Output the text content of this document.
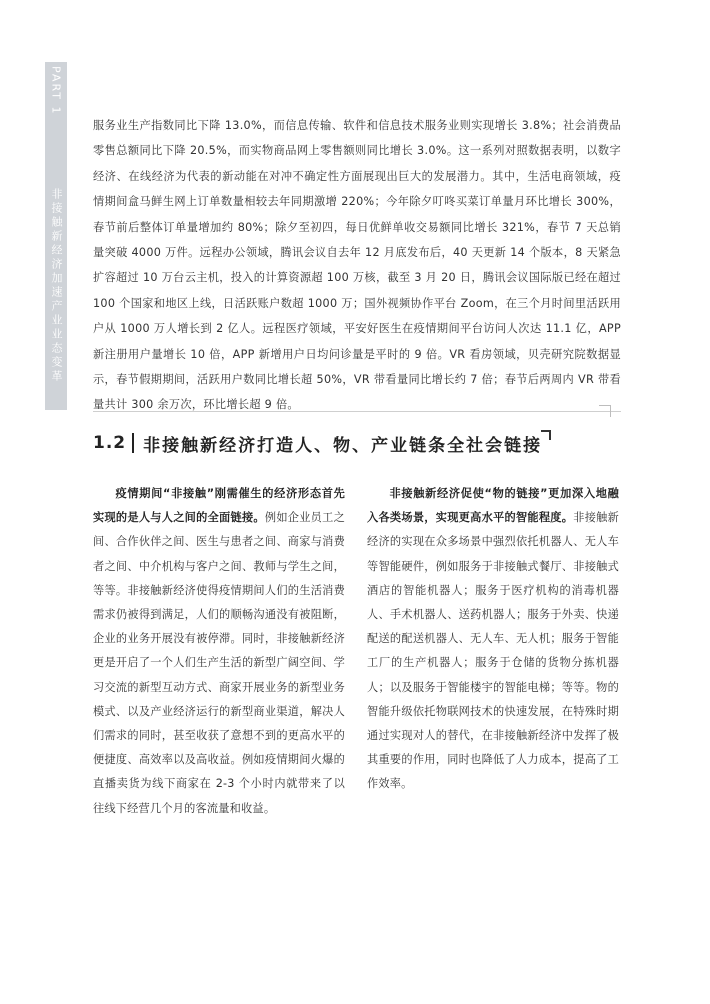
PART 1
非接触新经济加速产业业态变革

服务业生产指数同比下降 13.0%，而信息传输、软件和信息技术服务业则实现增长 3.8%；社会消费品零售总额同比下降 20.5%，而实物商品网上零售额则同比增长 3.0%。这一系列对照数据表明，以数字经济、在线经济为代表的新动能在对冲不确定性方面展现出巨大的发展潜力。其中，生活电商领域，疫情期间盒马鲜生网上订单数量相较去年同期激增 220%；今年除夕叮咚买菜订单量月环比增长 300%，春节前后整体订单量增加约 80%；除夕至初四，每日优鲜单收交易额同比增长 321%，春节 7 天总销量突破 4000 万件。远程办公领域，腾讯会议自去年 12 月底发布后，40 天更新 14 个版本，8 天紧急扩容超过 10 万台云主机，投入的计算资源超 100 万核，截至 3 月 20 日，腾讯会议国际版已经在超过 100 个国家和地区上线，日活跃账户数超 1000 万；国外视频协作平台 Zoom，在三个月时间里活跃用户从 1000 万人增长到 2 亿人。远程医疗领域，平安好医生在疫情期间平台访问人次达 11.1 亿，APP 新注册用户量增长 10 倍，APP 新增用户日均问诊量是平时的 9 倍。VR 看房领域，贝壳研究院数据显示，春节假期期间，活跃用户数同比增长超 50%，VR 带看量同比增长约 7 倍；春节后两周内 VR 带看量共计 300 余万次，环比增长超 9 倍。

1.2 非接触新经济打造人、物、产业链条全社会链接
疫情期间“非接触”刚需催生的经济形态首先实现的是人与人之间的全面链接。例如企业员工之间、合作伙伴之间、医生与患者之间、商家与消费者之间、中介机构与客户之间、教师与学生之间，等等。非接触新经济使得疫情期间人们的生活消费需求仍被得到满足，人们的顺畅沟通没有被阻断，企业的业务开展没有被停滞。同时，非接触新经济更是开启了一个人们生产生活的新型广阔空间、学习交流的新型互动方式、商家开展业务的新型业务模式、以及产业经济运行的新型商业渠道，解决人们需求的同时，甚至收获了意想不到的更高水平的便捷度、高效率以及高收益。例如疫情期间火爆的直播卖货为线下商家在 2-3 个小时内就带来了以往线下经营几个月的客流量和收益。
非接触新经济促使“物的链接”更加深入地融入各类场景，实现更高水平的智能程度。非接触新经济的实现在众多场景中强烈依托机器人、无人车等智能硬件，例如服务于非接触式餐厅、非接触式酒店的智能机器人；服务于医疗机构的消毒机器人、手术机器人、送药机器人；服务于外卖、快递配送的配送机器人、无人车、无人机；服务于智能工厂的生产机器人；服务于仓储的货物分拣机器人；以及服务于智能楼宇的智能电梯；等等。物的智能升级依托物联网技术的快速发展，在特殊时期通过实现对人的替代，在非接触新经济中发挥了极其重要的作用，同时也降低了人力成本，提高了工作效率。
